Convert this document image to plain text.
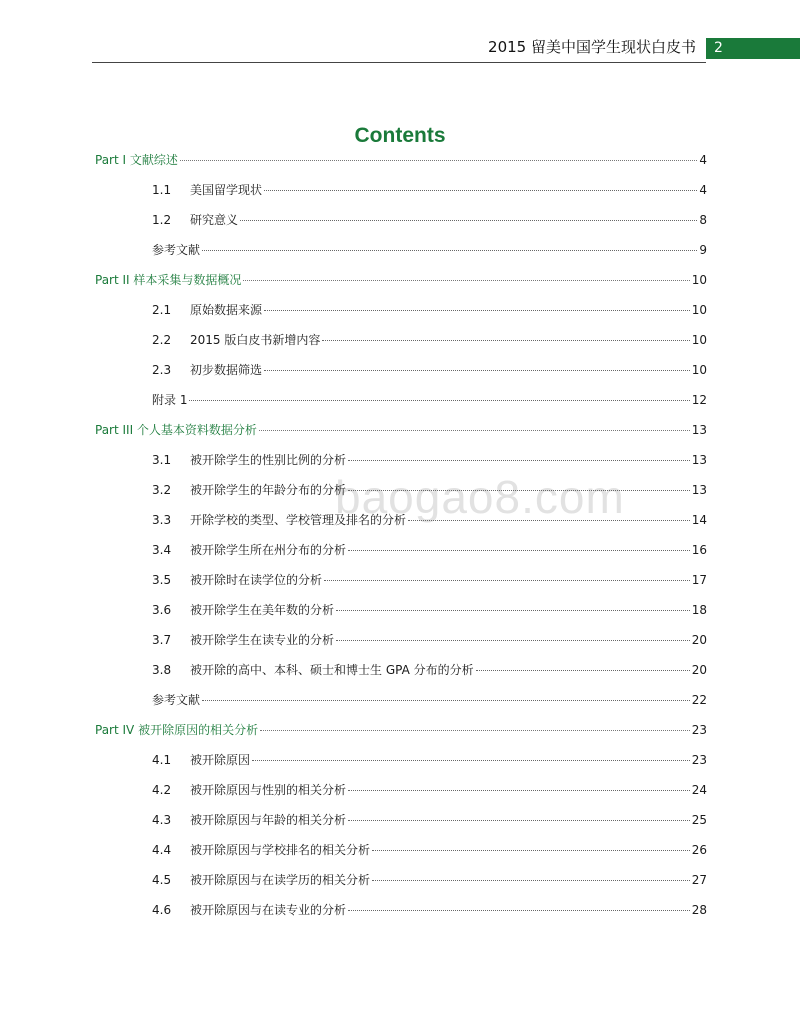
2015 留美中国学生现状白皮书	2
Contents
baogao8.com
Part I 文献综述	4
1.1	美国留学现状	4
1.2	研究意义	8
参考文献	9
Part II 样本采集与数据概况	10
2.1	原始数据来源	10
2.2	2015 版白皮书新增内容	10
2.3	初步数据筛选	10
附录 1	12
Part III 个人基本资料数据分析	13
3.1	被开除学生的性别比例的分析	13
3.2	被开除学生的年龄分布的分析	13
3.3	开除学校的类型、学校管理及排名的分析	14
3.4	被开除学生所在州分布的分析	16
3.5	被开除时在读学位的分析	17
3.6	被开除学生在美年数的分析	18
3.7	被开除学生在读专业的分析	20
3.8	被开除的高中、本科、硕士和博士生 GPA 分布的分析	20
参考文献	22
Part IV 被开除原因的相关分析	23
4.1	被开除原因	23
4.2	被开除原因与性别的相关分析	24
4.3	被开除原因与年龄的相关分析	25
4.4	被开除原因与学校排名的相关分析	26
4.5	被开除原因与在读学历的相关分析	27
4.6	被开除原因与在读专业的分析	28
